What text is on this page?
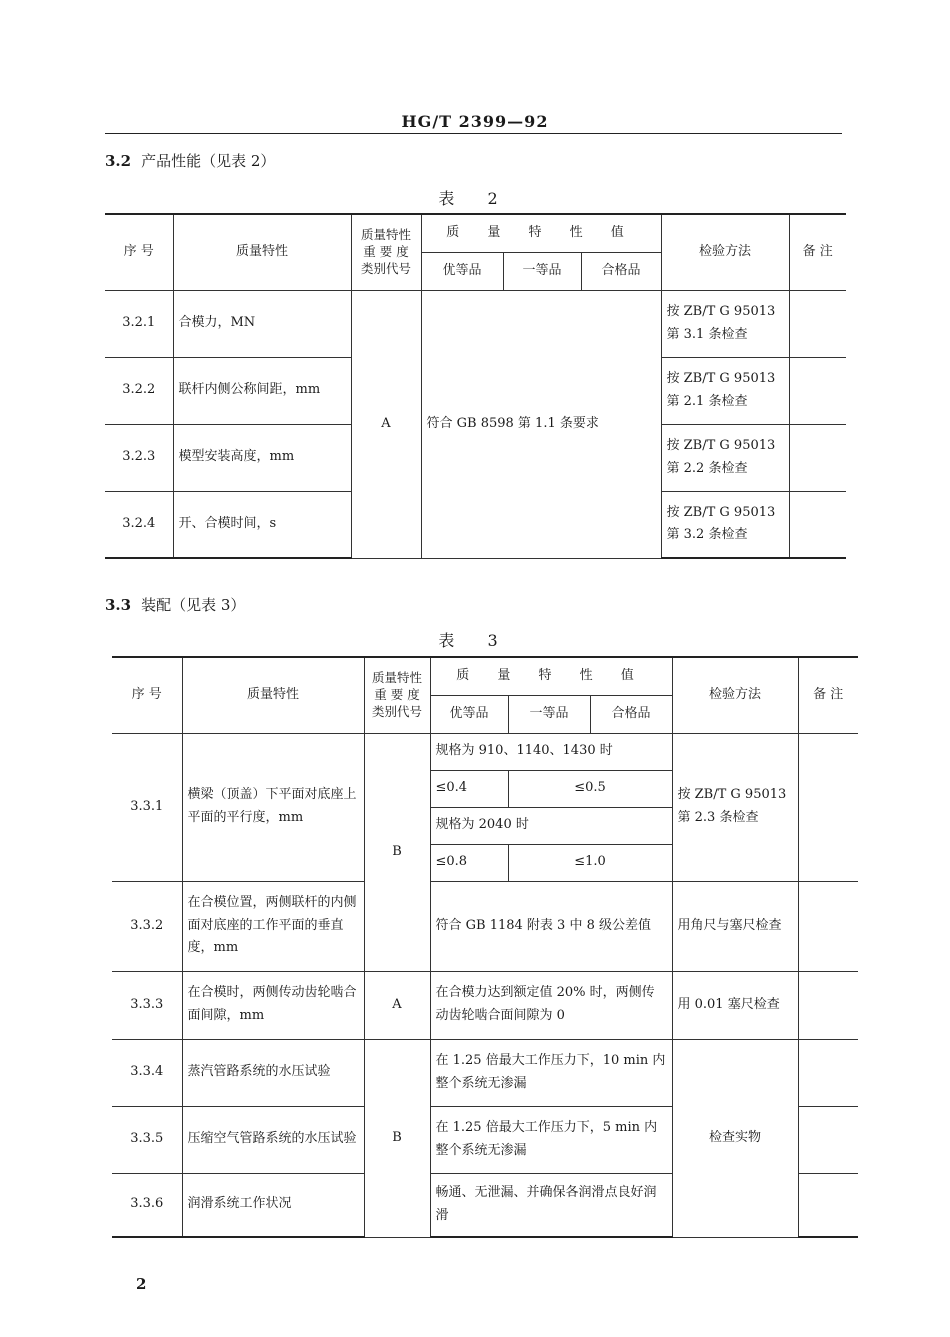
HG/T 2399—92
3.2 产品性能（见表 2）
表 2
序 号	质量特性	质量特性
重 要 度
类别代号	质 量 特 性 值			检验方法	备 注
			优等品	一等品	合格品		
3.2.1	合模力，MN	A	符合 GB 8598 第 1.1 条要求			按 ZB/T G 95013
第 3.1 条检查	

3.2.2	联杆内侧公称间距，mm					按 ZB/T G 95013
第 2.1 条检查	

3.2.3	模型安装高度，mm					按 ZB/T G 95013
第 2.2 条检查	

3.2.4	开、合模时间，s					按 ZB/T G 95013
第 3.2 条检查	

3.3 装配（见表 3）
表 3
序 号	质量特性	质量特性
重 要 度
类别代号	质 量 特 性 值			检验方法	备 注
			优等品	一等品	合格品		
3.3.1	横梁（顶盖）下平面对底座上平面的平行度，mm	B	规格为 910、1140、1430 时			按 ZB/T G 95013
第 2.3 条检查	

			≤0.4	≤0.5			
			规格为 2040 时				
			≤0.8	≤1.0			
3.3.2	在合模位置，两侧联杆的内侧面对底座的工作平面的垂直度，mm		符合 GB 1184 附表 3 中 8 级公差值			用角尺与塞尺检查	
3.3.3	在合模时，两侧传动齿轮啮合面间隙，mm	A	在合模力达到额定值 20% 时，两侧传动齿轮啮合面间隙为 0			用 0.01 塞尺检查	
3.3.4	蒸汽管路系统的水压试验	B	在 1.25 倍最大工作压力下，10 min 内整个系统无渗漏			检查实物	
3.3.5	压缩空气管路系统的水压试验		在 1.25 倍最大工作压力下，5 min 内整个系统无渗漏				
3.3.6	润滑系统工作状况		畅通、无泄漏、并确保各润滑点良好润滑				
2
